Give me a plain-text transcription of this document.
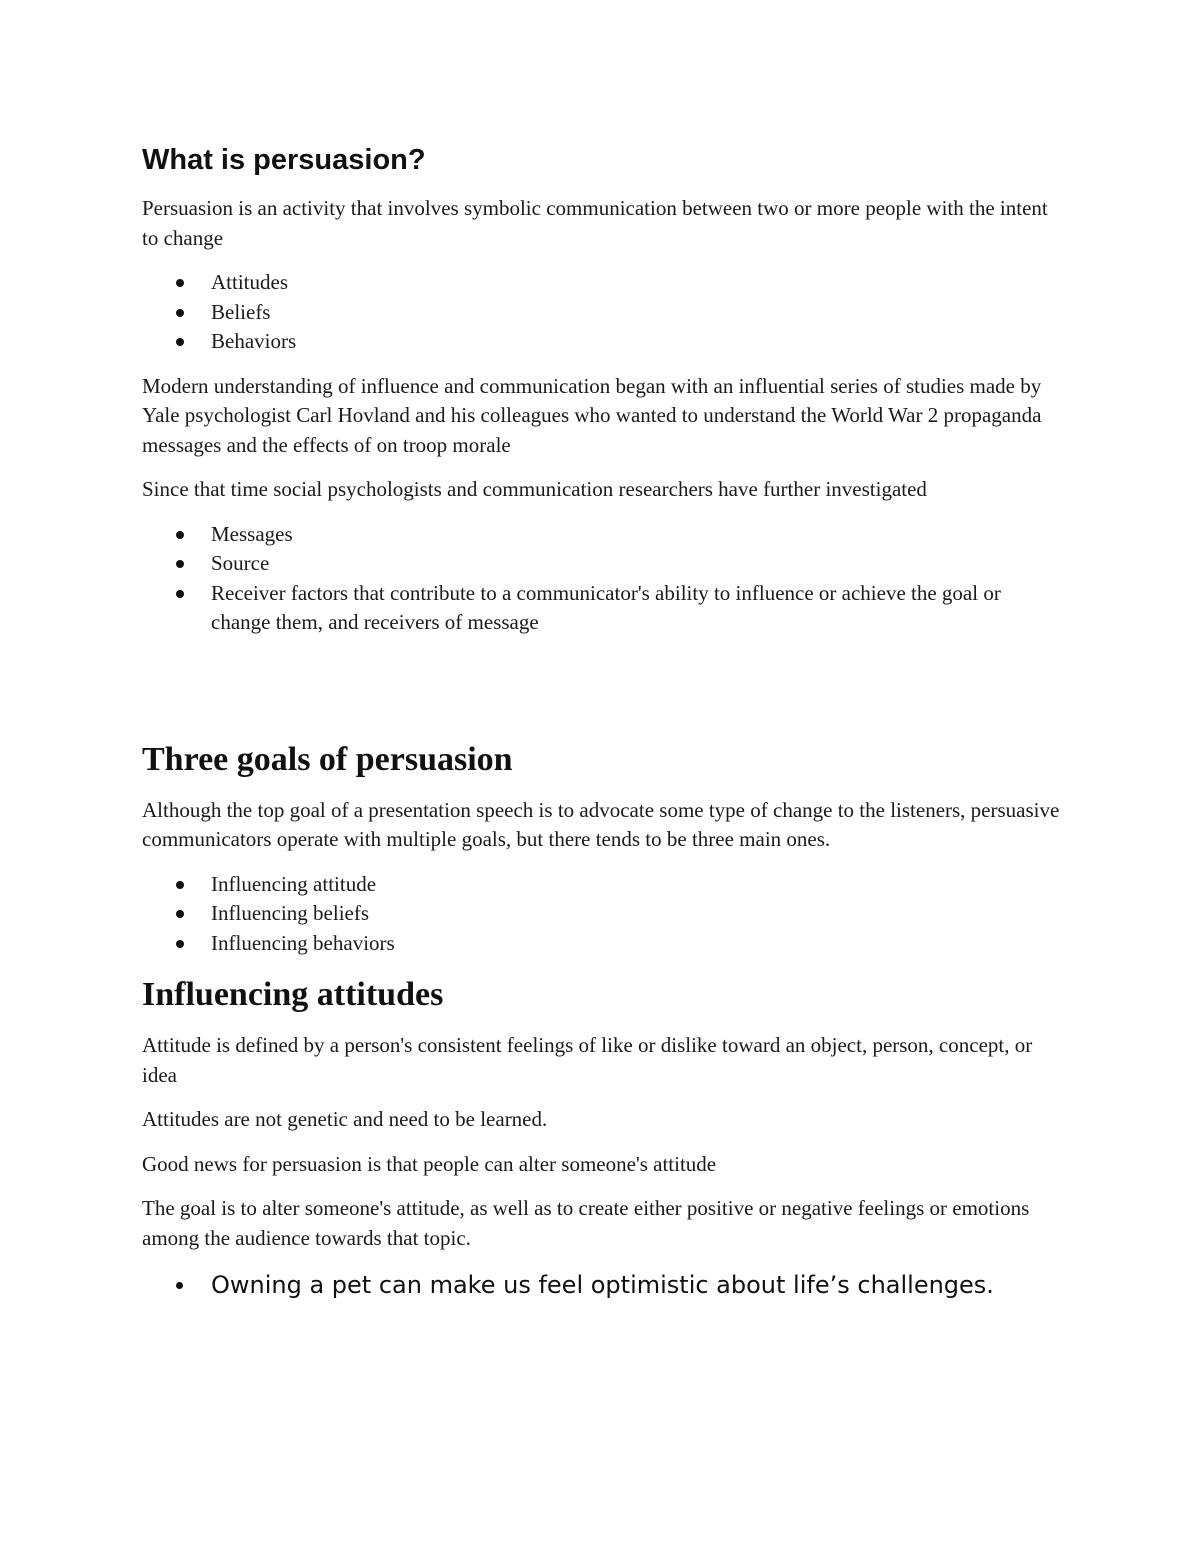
What is persuasion?

Persuasion is an activity that involves symbolic communication between two or more people with the intent to change

Attitudes
Beliefs
Behaviors

Modern understanding of influence and communication began with an influential series of studies made by Yale psychologist Carl Hovland and his colleagues who wanted to understand the World War 2 propaganda messages and the effects of on troop morale

Since that time social psychologists and communication researchers have further investigated

Messages
Source
Receiver factors that contribute to a communicator's ability to influence or achieve the goal or change them, and receivers of message
Three goals of persuasion

Although the top goal of a presentation speech is to advocate some type of change to the listeners, persuasive communicators operate with multiple goals, but there tends to be three main ones.

Influencing attitude
Influencing beliefs
Influencing behaviors
Influencing attitudes

Attitude is defined by a person's consistent feelings of like or dislike toward an object, person, concept, or idea

Attitudes are not genetic and need to be learned.

Good news for persuasion is that people can alter someone's attitude

The goal is to alter someone's attitude, as well as to create either positive or negative feelings or emotions among the audience towards that topic.

Owning a pet can make us feel optimistic about life’s challenges.
